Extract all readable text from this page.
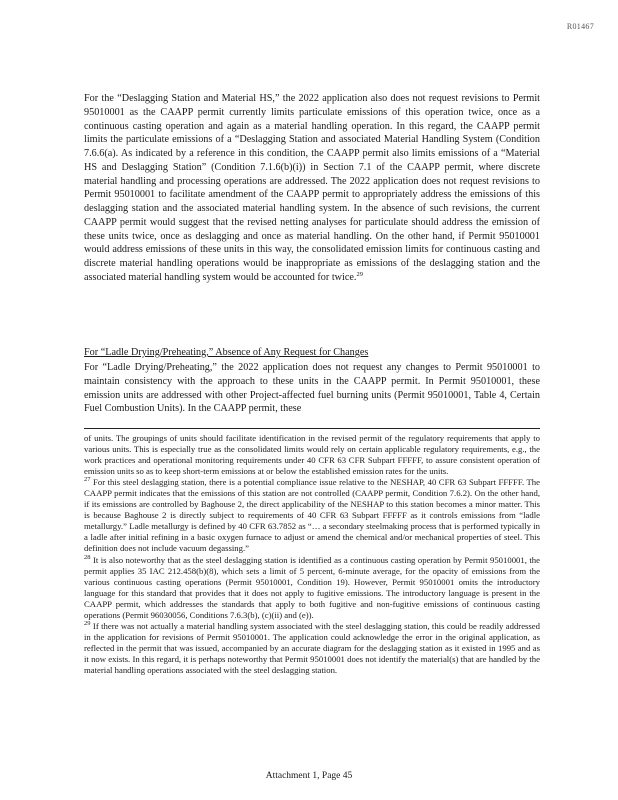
R01467

For the “Deslagging Station and Material HS,” the 2022 application also does not request revisions to Permit 95010001 as the CAAPP permit currently limits particulate emissions of this operation twice, once as a continuous casting operation and again as a material handling operation. In this regard, the CAAPP permit limits the particulate emissions of a “Deslagging Station and associated Material Handling System (Condition 7.6.6(a). As indicated by a reference in this condition, the CAAPP permit also limits emissions of a “Material HS and Deslagging Station” (Condition 7.1.6(b)(i)) in Section 7.1 of the CAAPP permit, where discrete material handling and processing operations are addressed. The 2022 application does not request revisions to Permit 95010001 to facilitate amendment of the CAAPP permit to appropriately address the emissions of this deslagging station and the associated material handling system. In the absence of such revisions, the current CAAPP permit would suggest that the revised netting analyses for particulate should address the emission of these units twice, once as deslagging and once as material handling. On the other hand, if Permit 95010001 would address emissions of these units in this way, the consolidated emission limits for continuous casting and discrete material handling operations would be inappropriate as emissions of the deslagging station and the associated material handling system would be accounted for twice.$^{29}$

For “Ladle Drying/Preheating,” Absence of Any Request for Changes

For “Ladle Drying/Preheating,” the 2022 application does not request any changes to Permit 95010001 to maintain consistency with the approach to these units in the CAAPP permit. In Permit 95010001, these emission units are addressed with other Project-affected fuel burning units (Permit 95010001, Table 4, Certain Fuel Combustion Units). In the CAAPP permit, these

of units. The groupings of units should facilitate identification in the revised permit of the regulatory requirements that apply to various units. This is especially true as the consolidated limits would rely on certain applicable regulatory requirements, e.g., the work practices and operational monitoring requirements under 40 CFR 63 CFR Subpart FFFFF, to assure consistent operation of emission units so as to keep short-term emissions at or below the established emission rates for the units.

$^{27}$ For this steel deslagging station, there is a potential compliance issue relative to the NESHAP, 40 CFR 63 Subpart FFFFF. The CAAPP permit indicates that the emissions of this station are not controlled (CAAPP permit, Condition 7.6.2). On the other hand, if its emissions are controlled by Baghouse 2, the direct applicability of the NESHAP to this station becomes a minor matter. This is because Baghouse 2 is directly subject to requirements of 40 CFR 63 Subpart FFFFF as it controls emissions from “ladle metallurgy.” Ladle metallurgy is defined by 40 CFR 63.7852 as “… a secondary steelmaking process that is performed typically in a ladle after initial refining in a basic oxygen furnace to adjust or amend the chemical and/or mechanical properties of steel. This definition does not include vacuum degassing.”

$^{28}$ It is also noteworthy that as the steel deslagging station is identified as a continuous casting operation by Permit 95010001, the permit applies 35 IAC 212.458(b)(8), which sets a limit of 5 percent, 6-minute average, for the opacity of emissions from the various continuous casting operations (Permit 95010001, Condition 19). However, Permit 95010001 omits the introductory language for this standard that provides that it does not apply to fugitive emissions. The introductory language is present in the CAAPP permit, which addresses the standards that apply to both fugitive and non-fugitive emissions of continuous casting operations (Permit 96030056, Conditions 7.6.3(b), (c)(ii) and (e)).

$^{29}$ If there was not actually a material handling system associated with the steel deslagging station, this could be readily addressed in the application for revisions of Permit 95010001. The application could acknowledge the error in the original application, as reflected in the permit that was issued, accompanied by an accurate diagram for the deslagging station as it existed in 1995 and as it now exists. In this regard, it is perhaps noteworthy that Permit 95010001 does not identify the material(s) that are handled by the material handling operations associated with the steel deslagging station.

Attachment 1, Page 45
